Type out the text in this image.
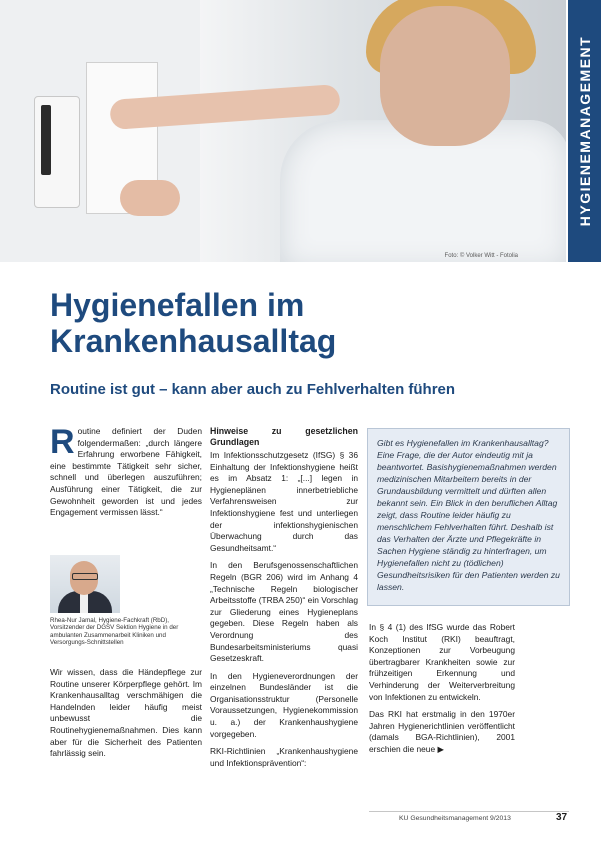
Foto: © Volker Witt - Fotolia
HYGIENEMANAGEMENT
Hygienefallen im Krankenhausalltag
Routine ist gut – kann aber auch zu Fehlverhalten führen
R outine definiert der Duden folgendermaßen: „durch längere Erfahrung erworbene Fähigkeit, eine bestimmte Tätigkeit sehr sicher, schnell und überlegen auszuführen; Ausführung einer Tätigkeit, die zur Gewohnheit geworden ist und jedes Engagement vermissen lässt.“
Rhea-Nur Jamal, Hygiene-Fachkraft (RbD), Vorsitzender der DGSV Sektion Hygiene in der ambulanten Zusammenarbeit Kliniken und Versorgungs-Schnittstellen
Wir wissen, dass die Händepflege zur Routine unserer Körperpflege gehört. Im Krankenhausalltag verschmähigen die Handelnden leider häufig meist unbewusst die Routinehygienemaßnahmen. Dies kann aber für die Sicherheit des Patienten fahrlässig sein.
Hinweise zu gesetzlichen Grundlagen

Im Infektionsschutzgesetz (IfSG) § 36 Einhaltung der Infektionshygiene heißt es im Absatz 1: „[...] legen in Hygieneplänen innerbetriebliche Verfahrensweisen zur Infektionshygiene fest und unterliegen der infektionshygienischen Überwachung durch das Gesundheitsamt.“

In den Berufsgenossenschaftlichen Regeln (BGR 206) wird im Anhang 4 „Technische Regeln biologischer Arbeitsstoffe (TRBA 250)“ ein Vorschlag zur Gliederung eines Hygieneplans gegeben. Diese Regeln haben als Verordnung des Bundesarbeitsministeriums quasi Gesetzeskraft.

In den Hygieneverordnungen der einzelnen Bundesländer ist die Organisationsstruktur (Personelle Voraussetzungen, Hygienekommission u. a.) der Krankenhaushygiene vorgegeben.

RKI-Richtlinien „Krankenhaushygiene und Infektionsprävention“:

Gibt es Hygienefallen im Krankenhausalltag? Eine Frage, die der Autor eindeutig mit ja beantwortet. Basishygienemaßnahmen werden medizinischen Mitarbeitern bereits in der Grundausbildung vermittelt und dürften allen bekannt sein. Ein Blick in den beruflichen Alltag zeigt, dass Routine leider häufig zu menschlichem Fehlverhalten führt. Deshalb ist das Verhalten der Ärzte und Pflegekräfte in Sachen Hygiene ständig zu hinterfragen, um Hygienefallen nicht zu (tödlichen) Gesundheitsrisiken für den Patienten werden zu lassen.

In § 4 (1) des IfSG wurde das Robert Koch Institut (RKI) beauftragt, Konzeptionen zur Vorbeugung übertragbarer Krankheiten sowie zur frühzeitigen Erkennung und Verhinderung der Weiterverbreitung von Infektionen zu entwickeln.

Das RKI hat erstmalig in den 1970er Jahren Hygienerichtlinien veröffentlicht (damals BGA-Richtlinien), 2001 erschien die neue ▶

KU Gesundheitsmanagement 9/2013	37
